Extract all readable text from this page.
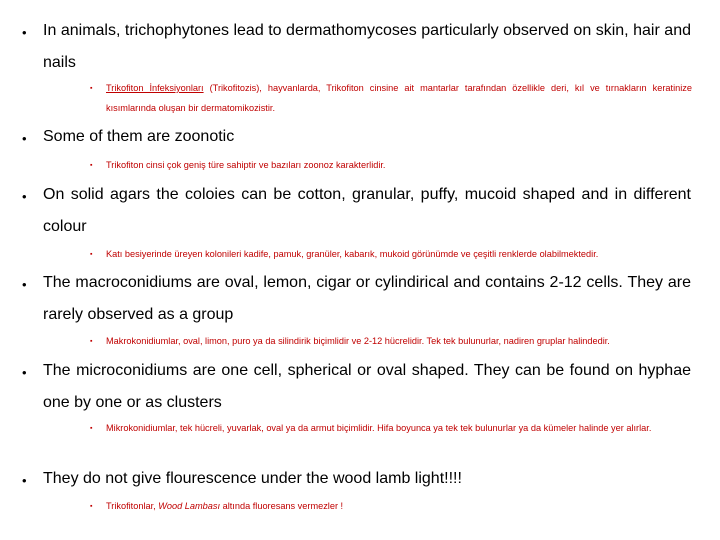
• In animals, trichophytones lead to dermathomycoses particularly observed on skin, hair and nails
▪ Trikofiton İnfeksiyonları (Trikofitozis), hayvanlarda, Trikofiton cinsine ait mantarlar tarafından özellikle deri, kıl ve tırnakların keratinize kısımlarında oluşan bir dermatomikozistir.
• Some of them are zoonotic
▪ Trikofiton cinsi çok geniş türe sahiptir ve bazıları zoonoz karakterlidir.
• On solid agars the coloies can be cotton, granular, puffy, mucoid shaped and in different colour
▪ Katı besiyerinde üreyen kolonileri kadife, pamuk, granüler, kabarık, mukoid görünümde ve çeşitli renklerde olabilmektedir.
• The macroconidiums are oval, lemon, cigar or cylindirical and contains 2-12 cells. They are rarely observed as a group
▪ Makrokonidiumlar, oval, limon, puro ya da silindirik biçimlidir ve 2-12 hücrelidir. Tek tek bulunurlar, nadiren gruplar halindedir.
• The microconidiums are one cell, spherical or oval shaped. They can be found on hyphae one by one or as clusters
▪ Mikrokonidiumlar, tek hücreli, yuvarlak, oval ya da armut biçimlidir. Hifa boyunca ya tek tek bulunurlar ya da kümeler halinde yer alırlar.
• They do not give flourescence under the wood lamb light!!!!
▪ Trikofitonlar, Wood Lambası altında fluoresans vermezler !
